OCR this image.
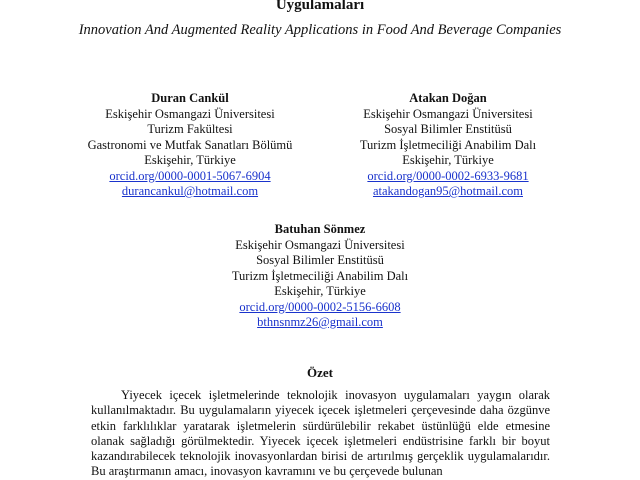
Uygulamaları
Innovation And Augmented Reality Applications in Food And Beverage Companies
Duran Cankül
Eskişehir Osmangazi Üniversitesi
Turizm Fakültesi
Gastronomi ve Mutfak Sanatları Bölümü
Eskişehir, Türkiye
orcid.org/0000-0001-5067-6904
durancankul@hotmail.com
Atakan Doğan
Eskişehir Osmangazi Üniversitesi
Sosyal Bilimler Enstitüsü
Turizm İşletmeciliği Anabilim Dalı
Eskişehir, Türkiye
orcid.org/0000-0002-6933-9681
atakandogan95@hotmail.com
Batuhan Sönmez
Eskişehir Osmangazi Üniversitesi
Sosyal Bilimler Enstitüsü
Turizm İşletmeciliği Anabilim Dalı
Eskişehir, Türkiye
orcid.org/0000-0002-5156-6608
bthnsnmz26@gmail.com
Özet
Yiyecek içecek işletmelerinde teknolojik inovasyon uygulamaları yaygın olarak kullanılmaktadır. Bu uygulamaların yiyecek içecek işletmeleri çerçevesinde daha özgünve etkin farklılıklar yaratarak işletmelerin sürdürülebilir rekabet üstünlüğü elde etmesine olanak sağladığı görülmektedir. Yiyecek içecek işletmeleri endüstrisine farklı bir boyut kazandırabilecek teknolojik inovasyonlardan birisi de artırılmış gerçeklik uygulamalarıdır. Bu araştırmanın amacı, inovasyon kavramını ve bu çerçevede bulunan
